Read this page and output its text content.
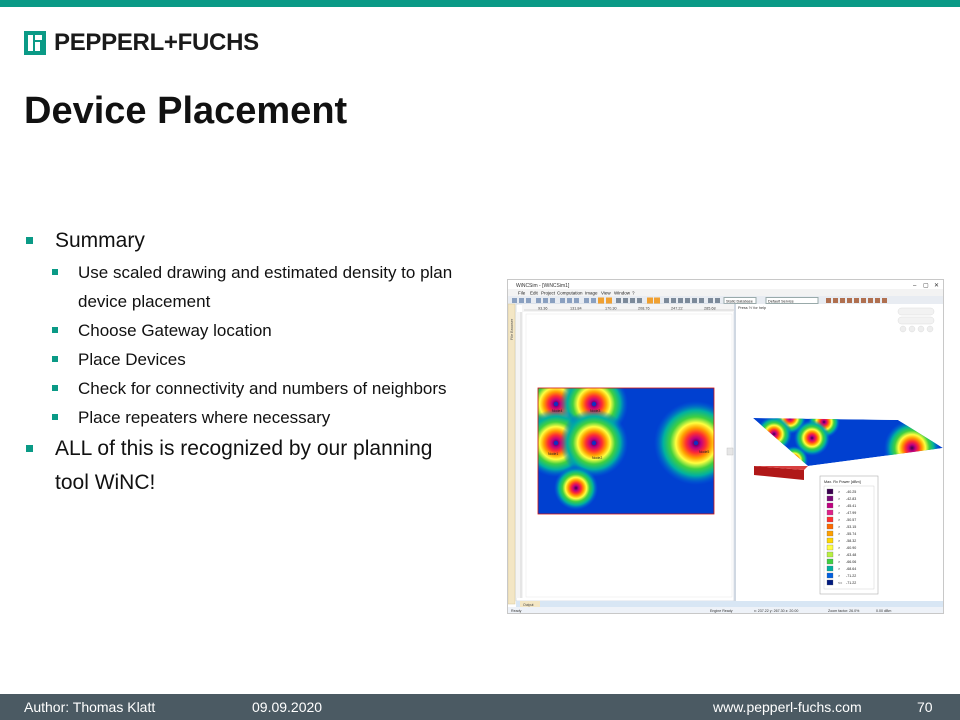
PEPPERL+FUCHS
Device Placement
Summary
Use scaled drawing and estimated density to plan device placement
Choose Gateway location
Place Devices
Check for connectivity and numbers of neighbors
Place repeaters where necessary
ALL of this is recognized by our planning tool WiNC!
WiNCSim - [WiNCSim1]	– ▢ ✕
File Edit Project Computation Image View Window ?
Static Database	Default Service
File Browser
93.36	131.84	170.30	208.76	247.22	285.68
Node4	Node3
Node1
Node2
Node5
Press 'h' for help
Max. Rx Power [dBm]
> -40.25
> -42.83
> -45.41
> -47.99
> -50.57
> -53.15
> -55.74
> -58.32
> -60.90
> -63.48
> -66.06
> -68.64
> -71.22
<= -71.22
Output
Ready	Engine Ready	x: 237.22 y: 267.30 z: 20.00	Zoom factor: 26.0%	0.00 dBm
Author: Thomas Klatt	09.09.2020	www.pepperl-fuchs.com	70
